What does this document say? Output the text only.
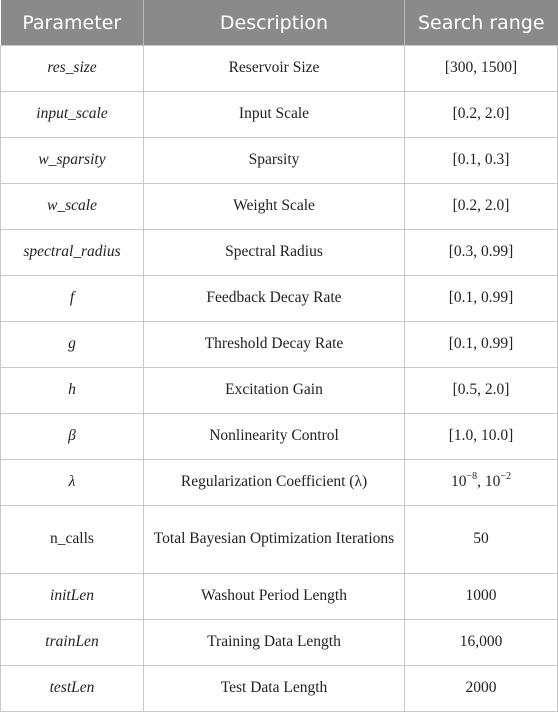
Parameter	Description	Search range
res_size	Reservoir Size	[300, 1500]
input_scale	Input Scale	[0.2, 2.0]
w_sparsity	Sparsity	[0.1, 0.3]
w_scale	Weight Scale	[0.2, 2.0]
spectral_radius	Spectral Radius	[0.3, 0.99]
f	Feedback Decay Rate	[0.1, 0.99]
g	Threshold Decay Rate	[0.1, 0.99]
h	Excitation Gain	[0.5, 2.0]
β	Nonlinearity Control	[1.0, 10.0]
λ	Regularization Coefficient (λ)	$10^{-8}$, $10^{-2}$
n_calls	Total Bayesian Optimization Iterations	50
initLen	Washout Period Length	1000
trainLen	Training Data Length	16,000
testLen	Test Data Length	2000
